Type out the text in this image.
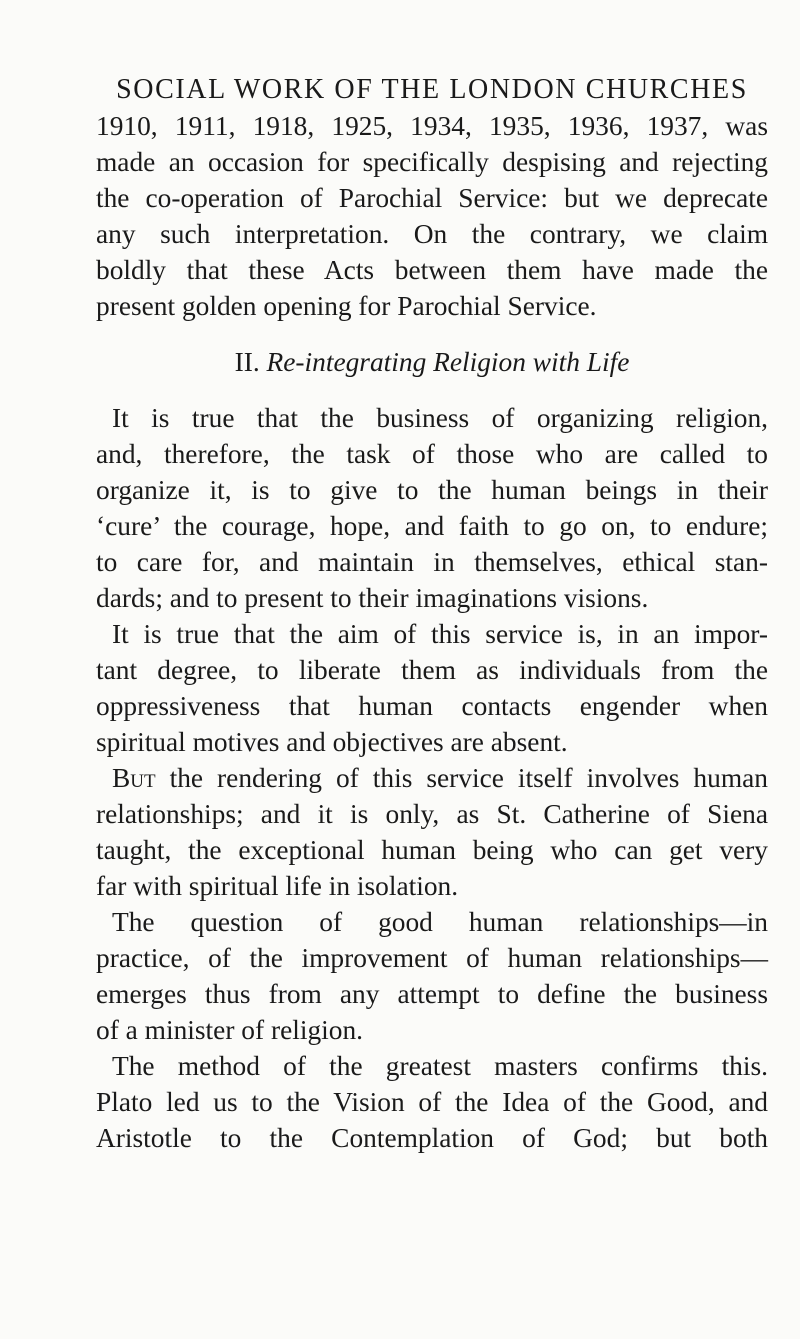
SOCIAL WORK OF THE LONDON CHURCHES
1910, 1911, 1918, 1925, 1934, 1935, 1936, 1937, was
made an occasion for specifically despising and rejecting
the co-operation of Parochial Service: but we deprecate
any such interpretation. On the contrary, we claim
boldly that these Acts between them have made the
present golden opening for Parochial Service.
II. Re-integrating Religion with Life
It is true that the business of organizing religion,
and, therefore, the task of those who are called to
organize it, is to give to the human beings in their
‘cure’ the courage, hope, and faith to go on, to endure;
to care for, and maintain in themselves, ethical stan-
dards; and to present to their imaginations visions.
It is true that the aim of this service is, in an impor-
tant degree, to liberate them as individuals from the
oppressiveness that human contacts engender when
spiritual motives and objectives are absent.
But the rendering of this service itself involves human
relationships; and it is only, as St. Catherine of Siena
taught, the exceptional human being who can get very
far with spiritual life in isolation.
The question of good human relationships—in
practice, of the improvement of human relationships—
emerges thus from any attempt to define the business
of a minister of religion.
The method of the greatest masters confirms this.
Plato led us to the Vision of the Idea of the Good, and
Aristotle to the Contemplation of God; but both
